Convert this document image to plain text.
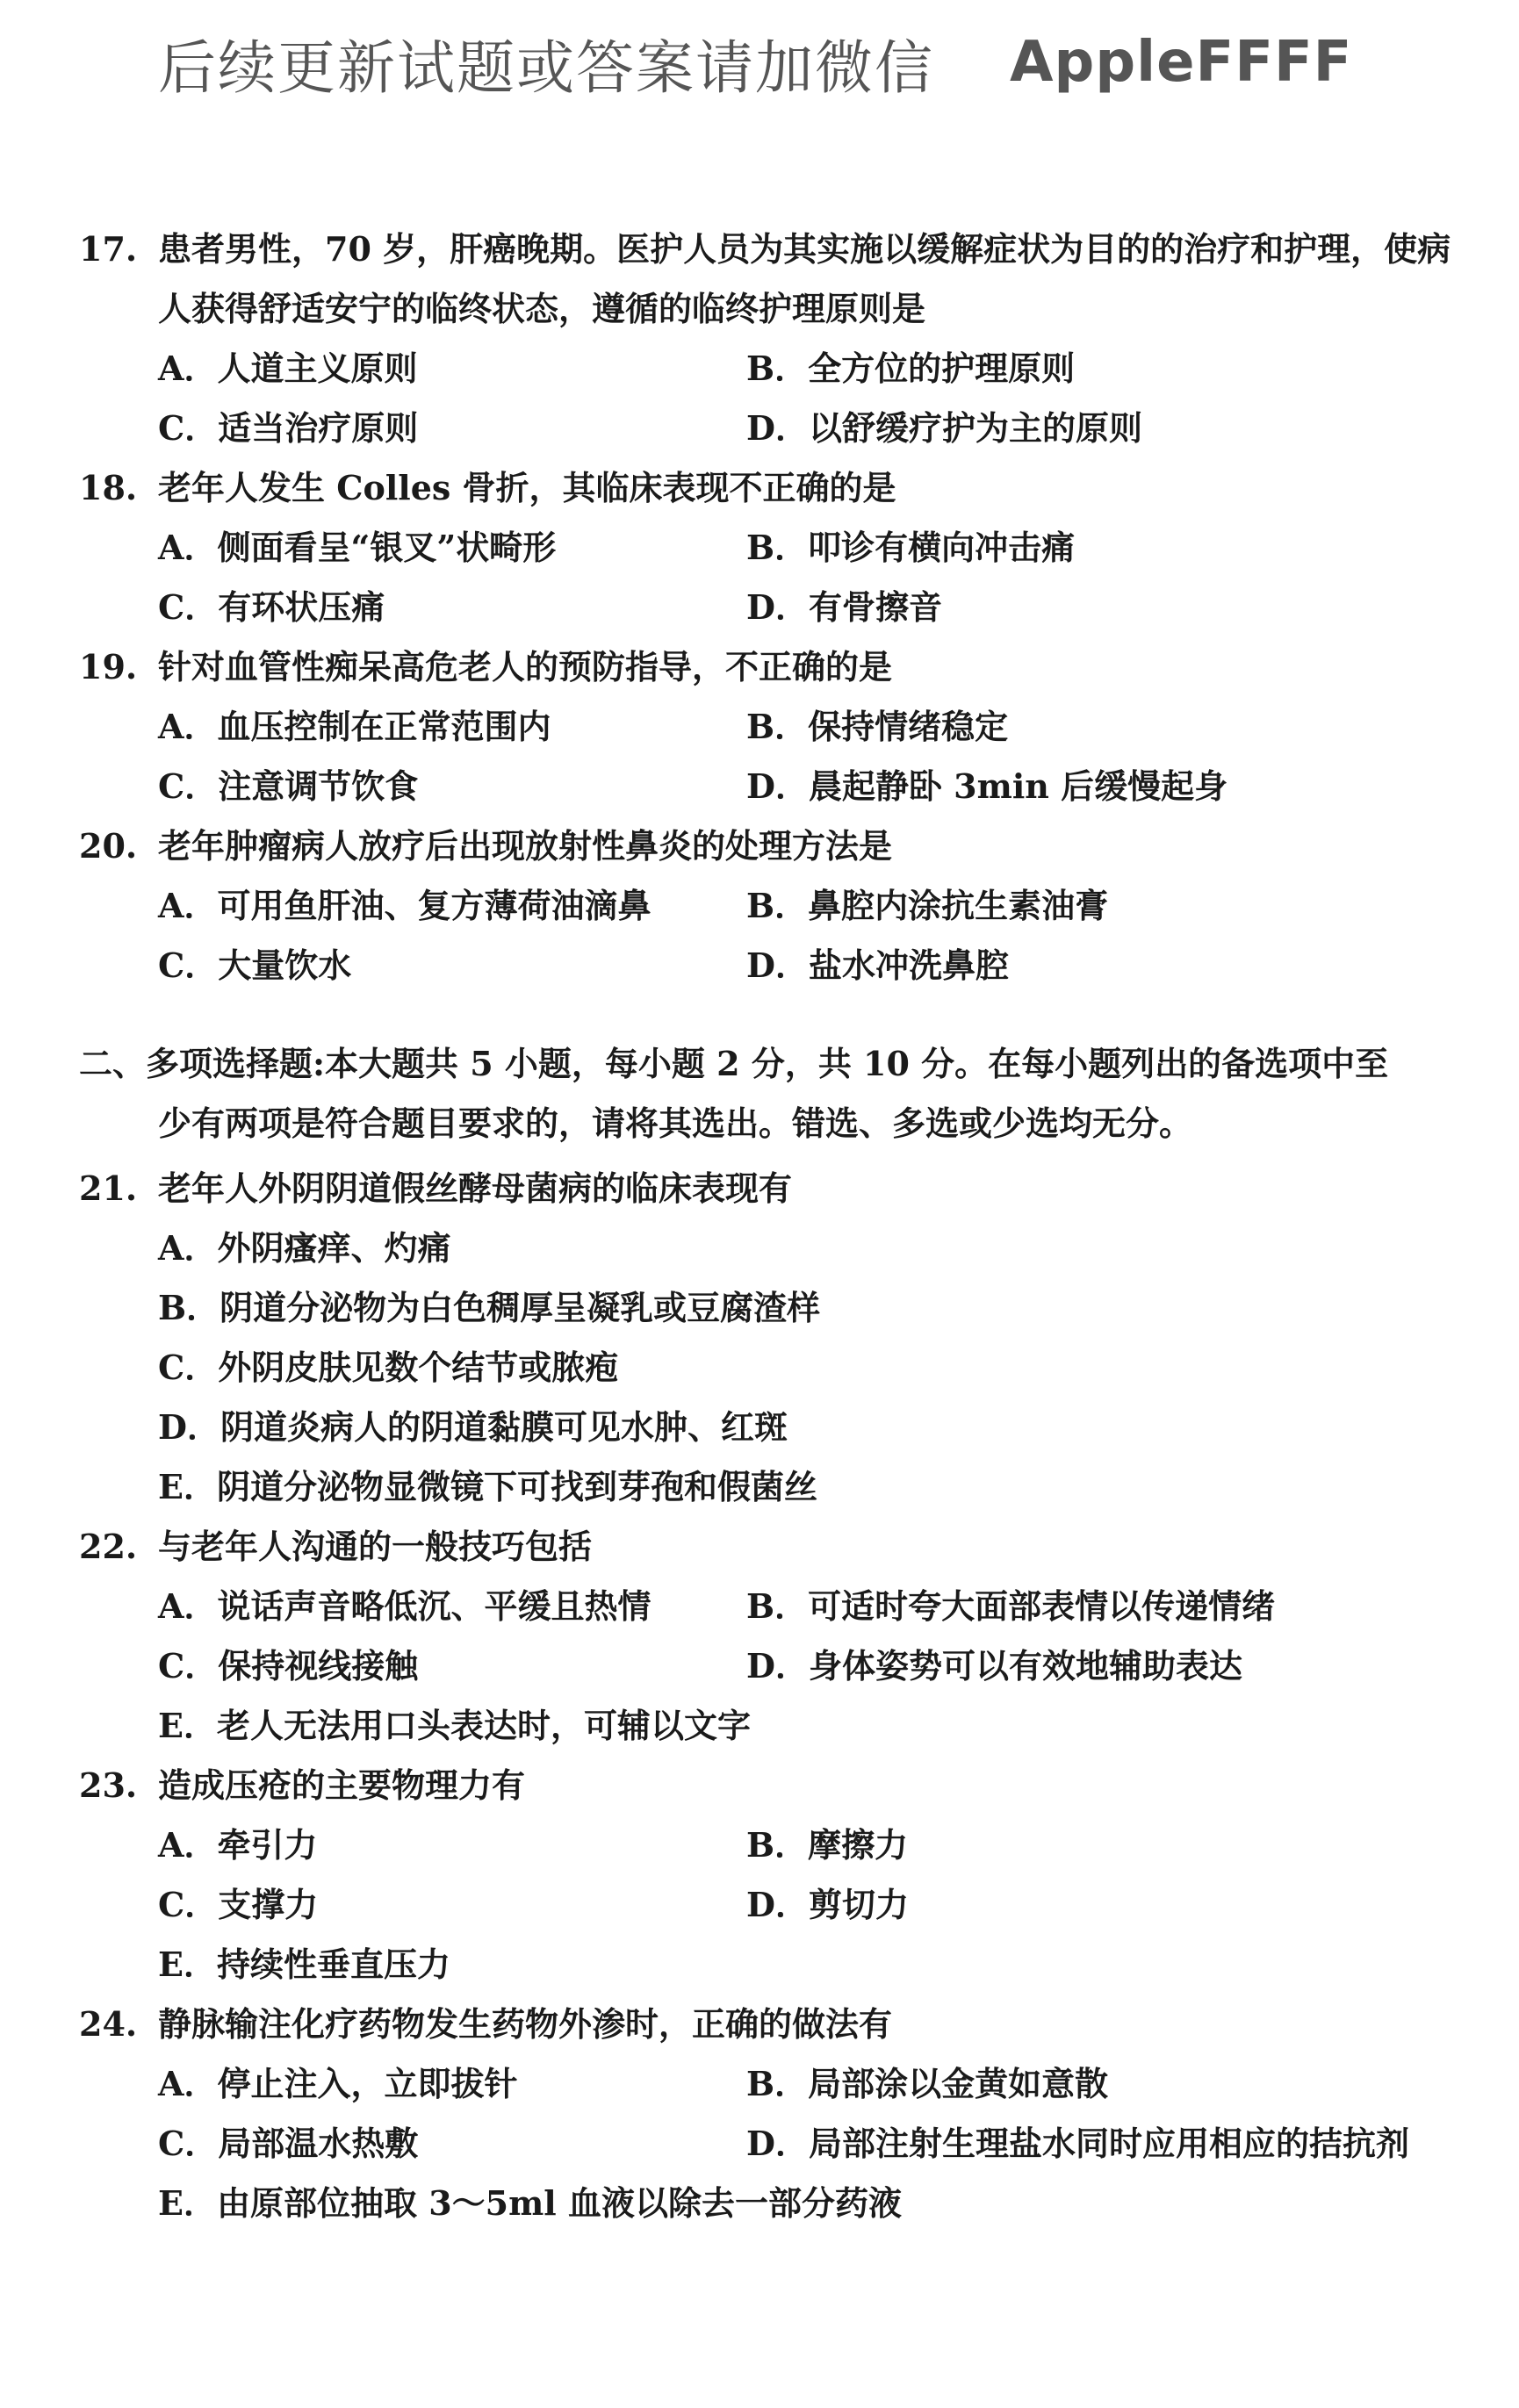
后续更新试题或答案请加微信 AppleFFFF
17. 患者男性，70 岁，肝癌晚期。医护人员为其实施以缓解症状为目的的治疗和护理，使病人获得舒适安宁的临终状态，遵循的临终护理原则是
A．人道主义原则	B．全方位的护理原则
C．适当治疗原则	D．以舒缓疗护为主的原则
18. 老年人发生 Colles 骨折，其临床表现不正确的是
A．侧面看呈“银叉”状畸形	B．叩诊有横向冲击痛
C．有环状压痛	D．有骨擦音
19. 针对血管性痴呆高危老人的预防指导，不正确的是
A．血压控制在正常范围内	B．保持情绪稳定
C．注意调节饮食	D．晨起静卧 3min 后缓慢起身
20. 老年肿瘤病人放疗后出现放射性鼻炎的处理方法是
A．可用鱼肝油、复方薄荷油滴鼻	B．鼻腔内涂抗生素油膏
C．大量饮水	D．盐水冲洗鼻腔
二、多项选择题:本大题共 5 小题，每小题 2 分，共 10 分。在每小题列出的备选项中至
少有两项是符合题目要求的，请将其选出。错选、多选或少选均无分。
21. 老年人外阴阴道假丝酵母菌病的临床表现有
A．外阴瘙痒、灼痛
B．阴道分泌物为白色稠厚呈凝乳或豆腐渣样
C．外阴皮肤见数个结节或脓疱
D．阴道炎病人的阴道黏膜可见水肿、红斑
E．阴道分泌物显微镜下可找到芽孢和假菌丝
22. 与老年人沟通的一般技巧包括
A．说话声音略低沉、平缓且热情	B．可适时夸大面部表情以传递情绪
C．保持视线接触	D．身体姿势可以有效地辅助表达
E．老人无法用口头表达时，可辅以文字
23. 造成压疮的主要物理力有
A．牵引力	B．摩擦力
C．支撑力	D．剪切力
E．持续性垂直压力
24. 静脉输注化疗药物发生药物外渗时，正确的做法有
A．停止注入，立即拔针	B．局部涂以金黄如意散
C．局部温水热敷	D．局部注射生理盐水同时应用相应的拮抗剂
E．由原部位抽取 3～5ml 血液以除去一部分药液
